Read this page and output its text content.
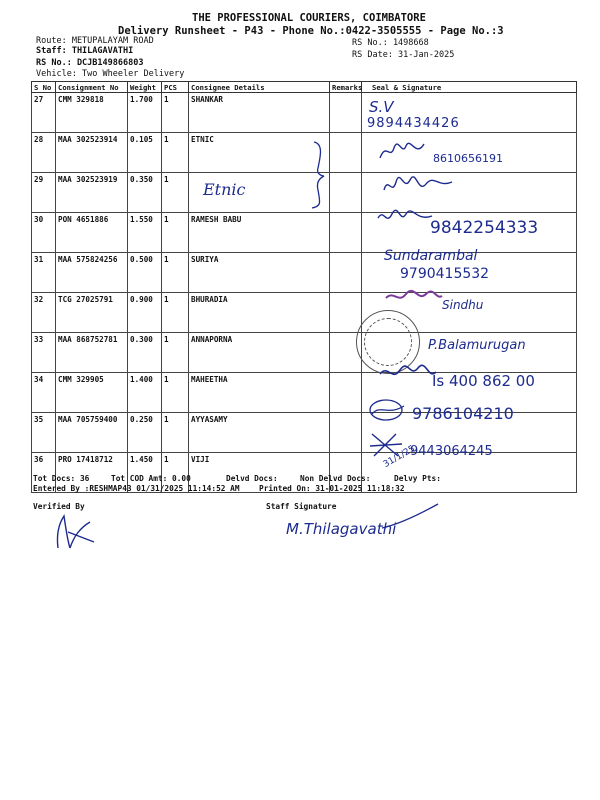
THE PROFESSIONAL COURIERS, COIMBATORE
Delivery Runsheet - P43 - Phone No.:0422-3505555 - Page No.:3
Route: METUPALAYAM ROAD
Staff: THILAGAVATHI
RS No.: DCJB149866803
Vehicle: Two Wheeler Delivery
RS No.: 1498668
RS Date: 31-Jan-2025
S No	Consignment No	Weight	PCS	Consignee Details	Remarks	Seal & Signature
27	CMM 329818	1.700	1	SHANKAR		
28	MAA 302523914	0.105	1	ETNIC		
29	MAA 302523919	0.350	1			
30	PON 4651886	1.550	1	RAMESH BABU		
31	MAA 575824256	0.500	1	SURIYA		
32	TCG 27025791	0.900	1	BHURADIA		
33	MAA 868752781	0.300	1	ANNAPORNA		
34	CMM 329905	1.400	1	MAHEETHA		
35	MAA 705759400	0.250	1	AYYASAMY		
36	PRO 17418712	1.450	1	VIJI		
S.V
9894434426
8610656191
Etnic
9842254333
Sundarambal
9790415532
Sindhu
P.Balamurugan
Is 400 862 00
9786104210
31/1/25
9443064245
Tot Docs: 36	Tot COD Amt: 0.00	Delvd Docs:	Non Delvd Docs:	Delvy Pts:
Entered By :RESHMAP43 01/31/2025 11:14:52 AM Printed On: 31-01-2025 11:18:32
Verified By	Staff Signature
M.Thilagavathi
